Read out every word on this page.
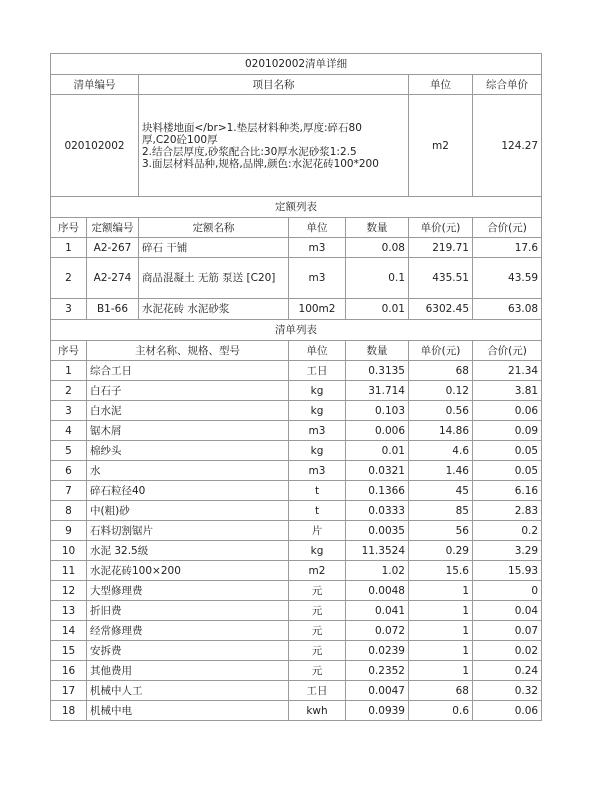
020102002清单详细						
清单编号		项目名称			单位	综合单价
020102002		块料楼地面</br>1.垫层材料种类,厚度:碎石80
厚,C20砼100厚
2.结合层厚度,砂浆配合比:30厚水泥砂浆1:2.5
3.面层材料品种,规格,品牌,颜色:水泥花砖100*200			m2	124.27
定额列表						
序号	定额编号	定额名称	单位	数量	单价(元)	合价(元)
1	A2-267	碎石 干铺	m3	0.08	219.71	17.6
2	A2-274	商品混凝土 无筋 泵送 [C20]	m3	0.1	435.51	43.59
3	B1-66	水泥花砖 水泥砂浆	100m2	0.01	6302.45	63.08
清单列表						
序号	主材名称、规格、型号		单位	数量	单价(元)	合价(元)
1	综合工日		工日	0.3135	68	21.34
2	白石子		kg	31.714	0.12	3.81
3	白水泥		kg	0.103	0.56	0.06
4	锯木屑		m3	0.006	14.86	0.09
5	棉纱头		kg	0.01	4.6	0.05
6	水		m3	0.0321	1.46	0.05
7	碎石粒径40		t	0.1366	45	6.16
8	中(粗)砂		t	0.0333	85	2.83
9	石料切割锯片		片	0.0035	56	0.2
10	水泥 32.5级		kg	11.3524	0.29	3.29
11	水泥花砖100×200		m2	1.02	15.6	15.93
12	大型修理费		元	0.0048	1	0
13	折旧费		元	0.041	1	0.04
14	经常修理费		元	0.072	1	0.07
15	安拆费		元	0.0239	1	0.02
16	其他费用		元	0.2352	1	0.24
17	机械中人工		工日	0.0047	68	0.32
18	机械中电		kwh	0.0939	0.6	0.06
